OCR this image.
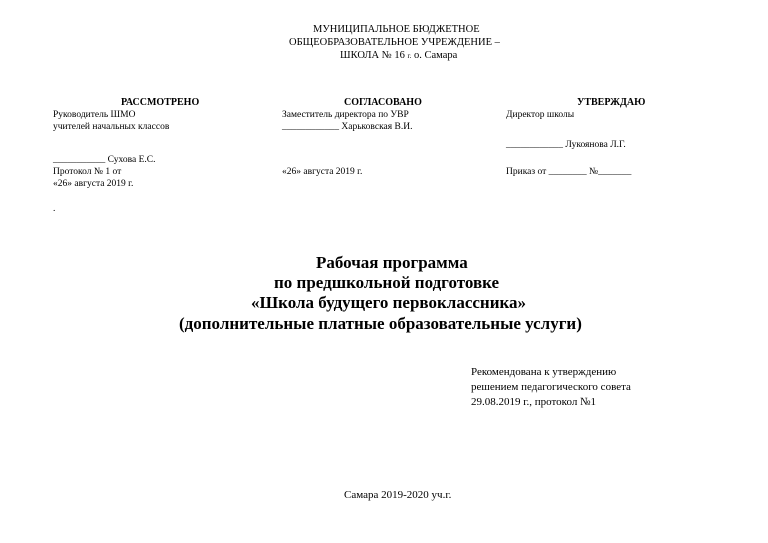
МУНИЦИПАЛЬНОЕ БЮДЖЕТНОЕ
ОБЩЕОБРАЗОВАТЕЛЬНОЕ УЧРЕЖДЕНИЕ –
ШКОЛА № 16 г. о. Самара
РАССМОТРЕНО
Руководитель ШМО
учителей начальных классов
___________ Сухова Е.С.
Протокол № 1 от
«26» августа 2019 г.
.
СОГЛАСОВАНО
Заместитель директора по УВР
____________ Харьковская В.И.
«26» августа 2019 г.
УТВЕРЖДАЮ
Директор школы
____________ Лукоянова Л.Г.
Приказ от ________ №_______
Рабочая программа
по предшкольной подготовке
«Школа будущего первоклассника»
(дополнительные платные образовательные услуги)
Рекомендована к утверждению
решением педагогического совета
29.08.2019 г., протокол №1
Самара 2019-2020 уч.г.
